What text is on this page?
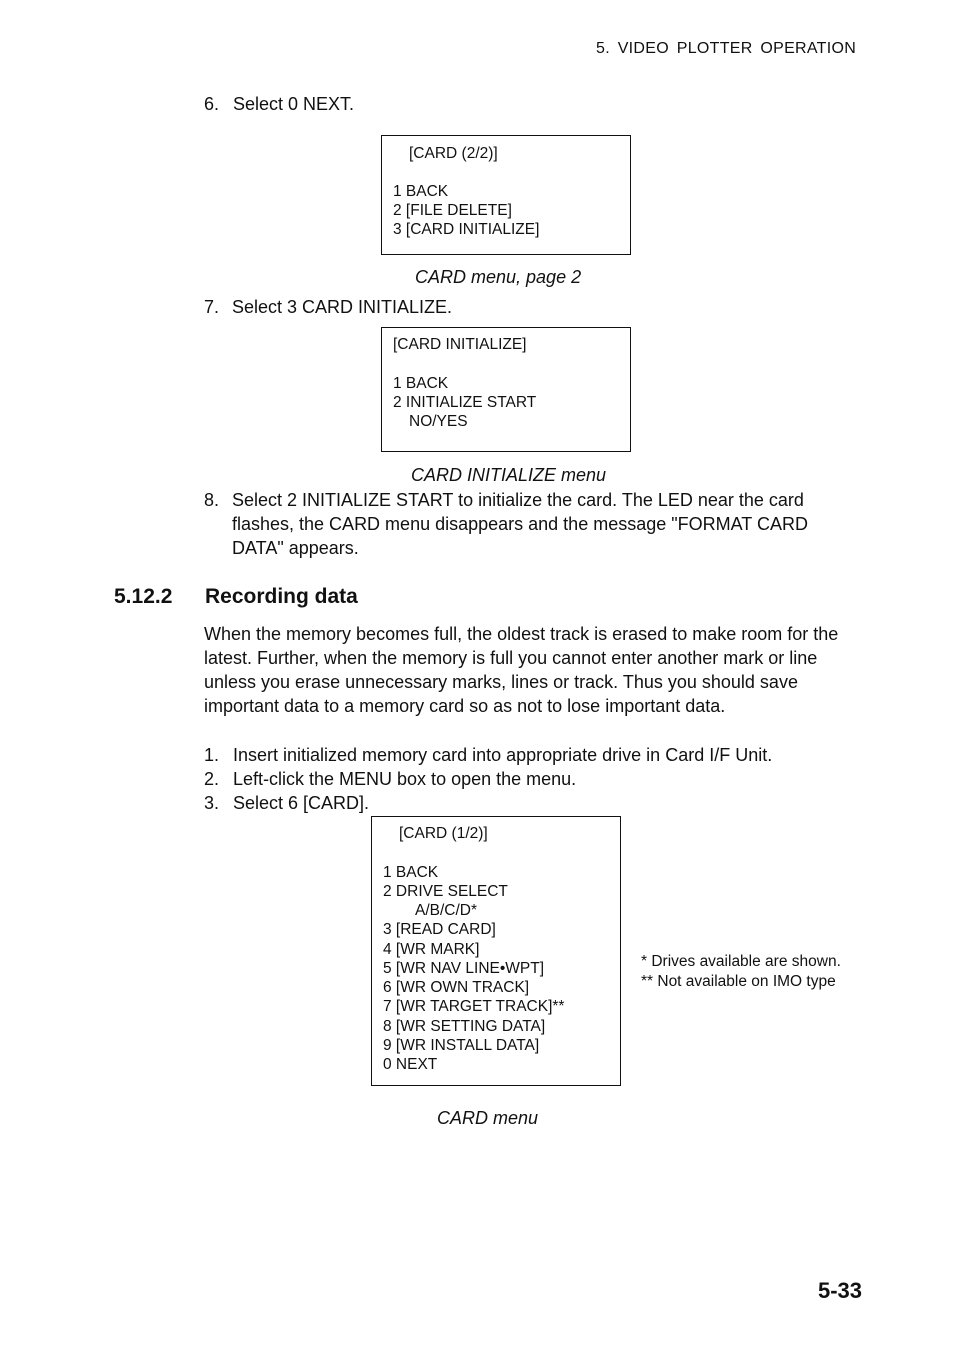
5. VIDEO PLOTTER OPERATION
6. Select 0 NEXT.
[CARD (2/2)]
1 BACK
2 [FILE DELETE]
3 [CARD INITIALIZE]
CARD menu, page 2
7. Select 3 CARD INITIALIZE.
[CARD INITIALIZE]
1 BACK
2 INITIALIZE START
NO/YES
CARD INITIALIZE menu
8. Select 2 INITIALIZE START to initialize the card. The LED near the card
flashes, the CARD menu disappears and the message "FORMAT CARD
DATA" appears.
5.12.2 Recording data
When the memory becomes full, the oldest track is erased to make room for the
latest. Further, when the memory is full you cannot enter another mark or line
unless you erase unnecessary marks, lines or track. Thus you should save
important data to a memory card so as not to lose important data.
1. Insert initialized memory card into appropriate drive in Card I/F Unit.
2. Left-click the MENU box to open the menu.
3. Select 6 [CARD].
[CARD (1/2)]
1 BACK
2 DRIVE SELECT
A/B/C/D*
3 [READ CARD]
4 [WR MARK]
5 [WR NAV LINE•WPT]
6 [WR OWN TRACK]
7 [WR TARGET TRACK]**
8 [WR SETTING DATA]
9 [WR INSTALL DATA]
0 NEXT
* Drives available are shown.
** Not available on IMO type
CARD menu
5-33
